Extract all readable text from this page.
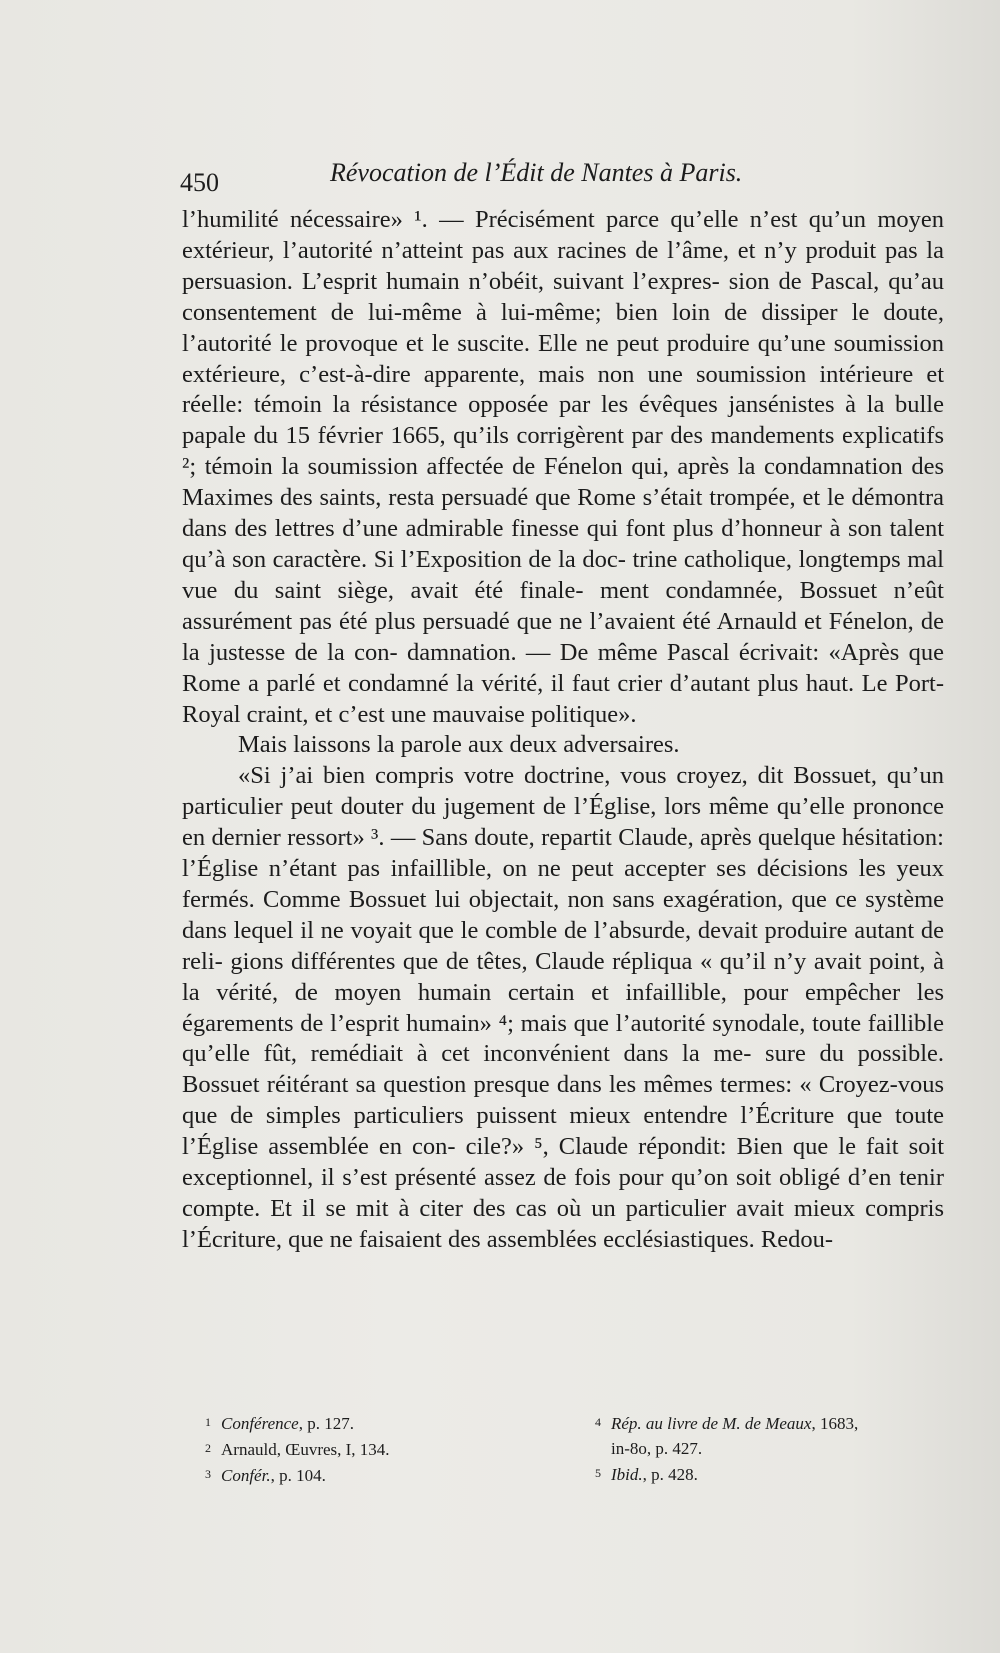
450	Révocation de l’Édit de Nantes à Paris.

l’humilité nécessaire» ¹. — Précisément parce qu’elle n’est qu’un moyen extérieur, l’autorité n’atteint pas aux racines de l’âme, et n’y produit pas la persuasion. L’esprit humain n’obéit, suivant l’expres- sion de Pascal, qu’au consentement de lui-même à lui-même; bien loin de dissiper le doute, l’autorité le provoque et le suscite. Elle ne peut produire qu’une soumission extérieure, c’est-à-dire apparente, mais non une soumission intérieure et réelle: témoin la résistance opposée par les évêques jansénistes à la bulle papale du 15 février 1665, qu’ils corrigèrent par des mandements explicatifs ²; témoin la soumission affectée de Fénelon qui, après la condamnation des Maximes des saints, resta persuadé que Rome s’était trompée, et le démontra dans des lettres d’une admirable finesse qui font plus d’honneur à son talent qu’à son caractère. Si l’Exposition de la doc- trine catholique, longtemps mal vue du saint siège, avait été finale- ment condamnée, Bossuet n’eût assurément pas été plus persuadé que ne l’avaient été Arnauld et Fénelon, de la justesse de la con- damnation. — De même Pascal écrivait: «Après que Rome a parlé et condamné la vérité, il faut crier d’autant plus haut. Le Port-Royal craint, et c’est une mauvaise politique».

Mais laissons la parole aux deux adversaires.

«Si j’ai bien compris votre doctrine, vous croyez, dit Bossuet, qu’un particulier peut douter du jugement de l’Église, lors même qu’elle prononce en dernier ressort» ³. — Sans doute, repartit Claude, après quelque hésitation: l’Église n’étant pas infaillible, on ne peut accepter ses décisions les yeux fermés. Comme Bossuet lui objectait, non sans exagération, que ce système dans lequel il ne voyait que le comble de l’absurde, devait produire autant de reli- gions différentes que de têtes, Claude répliqua « qu’il n’y avait point, à la vérité, de moyen humain certain et infaillible, pour empêcher les égarements de l’esprit humain» ⁴; mais que l’autorité synodale, toute faillible qu’elle fût, remédiait à cet inconvénient dans la me- sure du possible. Bossuet réitérant sa question presque dans les mêmes termes: « Croyez-vous que de simples particuliers puissent mieux entendre l’Écriture que toute l’Église assemblée en con- cile?» ⁵, Claude répondit: Bien que le fait soit exceptionnel, il s’est présenté assez de fois pour qu’on soit obligé d’en tenir compte. Et il se mit à citer des cas où un particulier avait mieux compris l’Écriture, que ne faisaient des assemblées ecclésiastiques. Redou-

1 Conférence, p. 127.
2 Arnauld, Œuvres, I, 134.
3 Confér., p. 104.
4 Rép. au livre de M. de Meaux, 1683,
in-8o, p. 427.
5 Ibid., p. 428.
